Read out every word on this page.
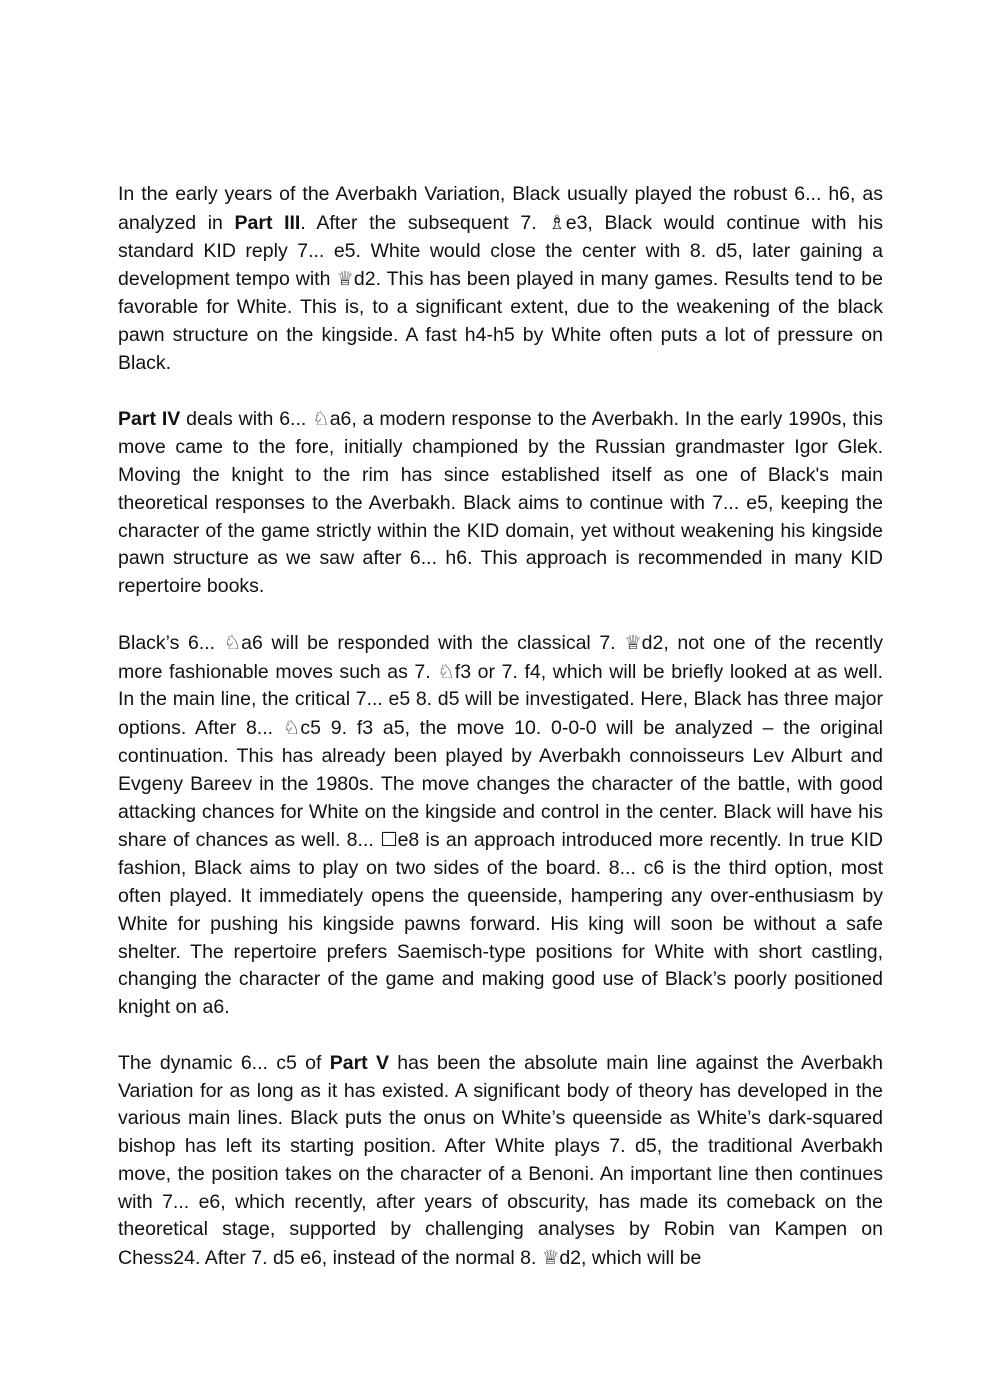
In the early years of the Averbakh Variation, Black usually played the robust 6... h6, as analyzed in Part III. After the subsequent 7. ♗e3, Black would continue with his standard KID reply 7... e5. White would close the center with 8. d5, later gaining a development tempo with ♕d2. This has been played in many games. Results tend to be favorable for White. This is, to a significant extent, due to the weakening of the black pawn structure on the kingside. A fast h4-h5 by White often puts a lot of pressure on Black.

Part IV deals with 6... ♘a6, a modern response to the Averbakh. In the early 1990s, this move came to the fore, initially championed by the Russian grandmaster Igor Glek. Moving the knight to the rim has since established itself as one of Black's main theoretical responses to the Averbakh. Black aims to continue with 7... e5, keeping the character of the game strictly within the KID domain, yet without weakening his kingside pawn structure as we saw after 6... h6. This approach is recommended in many KID repertoire books.

Black’s 6... ♘a6 will be responded with the classical 7. ♕d2, not one of the recently more fashionable moves such as 7. ♘f3 or 7. f4, which will be briefly looked at as well. In the main line, the critical 7... e5 8. d5 will be investigated. Here, Black has three major options. After 8... ♘c5 9. f3 a5, the move 10. 0-0-0 will be analyzed – the original continuation. This has already been played by Averbakh connoisseurs Lev Alburt and Evgeny Bareev in the 1980s. The move changes the character of the battle, with good attacking chances for White on the kingside and control in the center. Black will have his share of chances as well. 8... ☐e8 is an approach introduced more recently. In true KID fashion, Black aims to play on two sides of the board. 8... c6 is the third option, most often played. It immediately opens the queenside, hampering any over-enthusiasm by White for pushing his kingside pawns forward. His king will soon be without a safe shelter. The repertoire prefers Saemisch-type positions for White with short castling, changing the character of the game and making good use of Black’s poorly positioned knight on a6.

The dynamic 6... c5 of Part V has been the absolute main line against the Averbakh Variation for as long as it has existed. A significant body of theory has developed in the various main lines. Black puts the onus on White’s queenside as White’s dark-squared bishop has left its starting position. After White plays 7. d5, the traditional Averbakh move, the position takes on the character of a Benoni. An important line then continues with 7... e6, which recently, after years of obscurity, has made its comeback on the theoretical stage, supported by challenging analyses by Robin van Kampen on Chess24. After 7. d5 e6, instead of the normal 8. ♕d2, which will be
